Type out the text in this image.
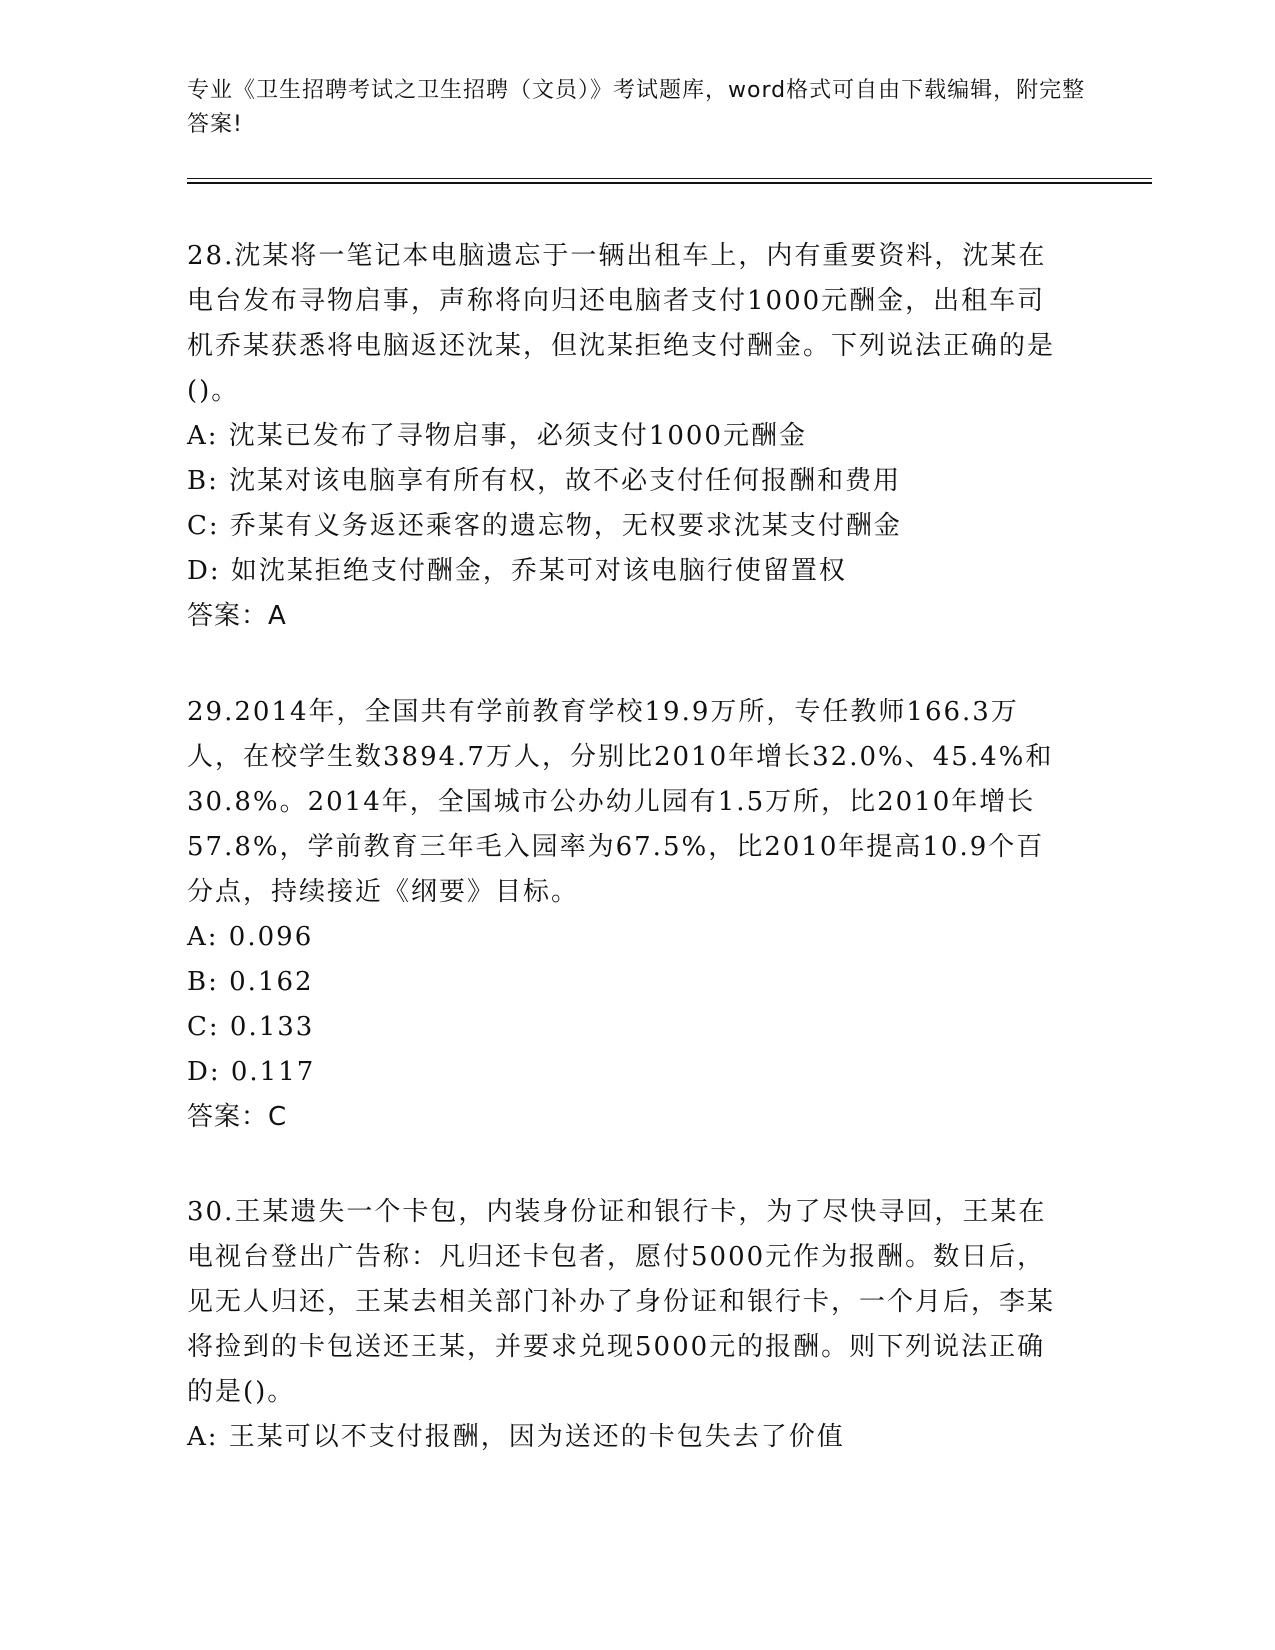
专业《卫生招聘考试之卫生招聘（文员）》考试题库，word格式可自由下载编辑，附完整答案!

28.沈某将一笔记本电脑遗忘于一辆出租车上，内有重要资料，沈某在电台发布寻物启事，声称将向归还电脑者支付1000元酬金，出租车司机乔某获悉将电脑返还沈某，但沈某拒绝支付酬金。下列说法正确的是()。

A: 沈某已发布了寻物启事，必须支付1000元酬金

B: 沈某对该电脑享有所有权，故不必支付任何报酬和费用

C: 乔某有义务返还乘客的遗忘物，无权要求沈某支付酬金

D: 如沈某拒绝支付酬金，乔某可对该电脑行使留置权

答案：A

29.2014年，全国共有学前教育学校19.9万所，专任教师166.3万人，在校学生数3894.7万人，分别比2010年增长32.0%、45.4%和30.8%。2014年，全国城市公办幼儿园有1.5万所，比2010年增长57.8%，学前教育三年毛入园率为67.5%，比2010年提高10.9个百分点，持续接近《纲要》目标。

A: 0.096

B: 0.162

C: 0.133

D: 0.117

答案：C

30.王某遗失一个卡包，内装身份证和银行卡，为了尽快寻回，王某在电视台登出广告称：凡归还卡包者，愿付5000元作为报酬。数日后，见无人归还，王某去相关部门补办了身份证和银行卡，一个月后，李某将捡到的卡包送还王某，并要求兑现5000元的报酬。则下列说法正确的是()。

A: 王某可以不支付报酬，因为送还的卡包失去了价值
